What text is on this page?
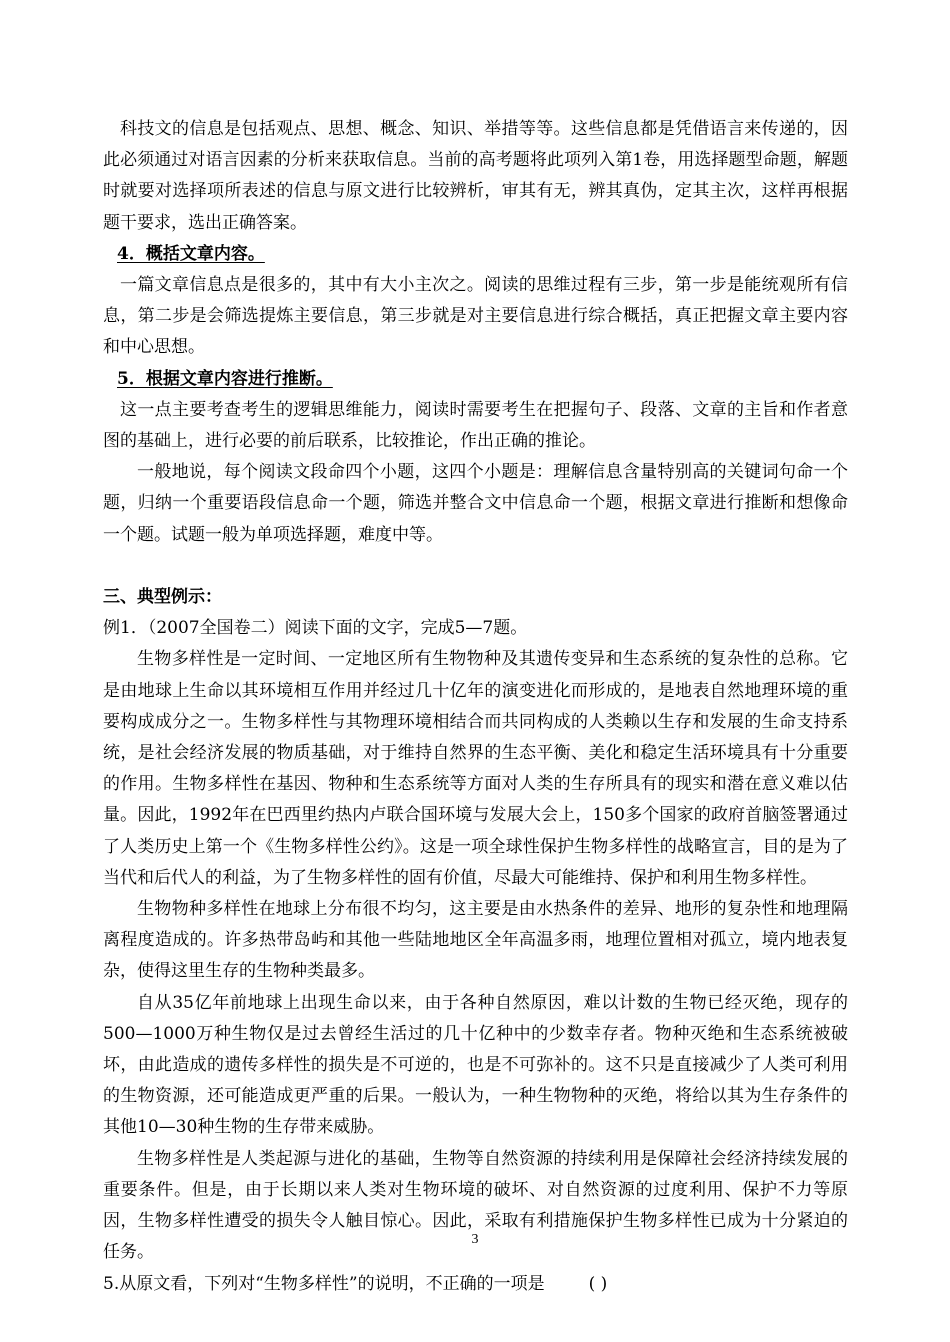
科技文的信息是包括观点、思想、概念、知识、举措等等。这些信息都是凭借语言来传递的，因此必须通过对语言因素的分析来获取信息。当前的高考题将此项列入第1卷，用选择题型命题，解题时就要对选择项所表述的信息与原文进行比较辨析，审其有无，辨其真伪，定其主次，这样再根据题干要求，选出正确答案。

4．概括文章内容。

一篇文章信息点是很多的，其中有大小主次之。阅读的思维过程有三步，第一步是能统观所有信息，第二步是会筛选提炼主要信息，第三步就是对主要信息进行综合概括，真正把握文章主要内容和中心思想。

5．根据文章内容进行推断。

这一点主要考查考生的逻辑思维能力，阅读时需要考生在把握句子、段落、文章的主旨和作者意图的基础上，进行必要的前后联系，比较推论，作出正确的推论。

一般地说，每个阅读文段命四个小题，这四个小题是：理解信息含量特别高的关键词句命一个题，归纳一个重要语段信息命一个题，筛选并整合文中信息命一个题，根据文章进行推断和想像命一个题。试题一般为单项选择题，难度中等。

三、典型例示：

例1．（2007全国卷二）阅读下面的文字，完成5—7题。

生物多样性是一定时间、一定地区所有生物物种及其遗传变异和生态系统的复杂性的总称。它是由地球上生命以其环境相互作用并经过几十亿年的演变进化而形成的，是地表自然地理环境的重要构成成分之一。生物多样性与其物理环境相结合而共同构成的人类赖以生存和发展的生命支持系统，是社会经济发展的物质基础，对于维持自然界的生态平衡、美化和稳定生活环境具有十分重要的作用。生物多样性在基因、物种和生态系统等方面对人类的生存所具有的现实和潜在意义难以估量。因此，1992年在巴西里约热内卢联合国环境与发展大会上，150多个国家的政府首脑签署通过了人类历史上第一个《生物多样性公约》。这是一项全球性保护生物多样性的战略宣言，目的是为了当代和后代人的利益，为了生物多样性的固有价值，尽最大可能维持、保护和利用生物多样性。

生物物种多样性在地球上分布很不均匀，这主要是由水热条件的差异、地形的复杂性和地理隔离程度造成的。许多热带岛屿和其他一些陆地地区全年高温多雨，地理位置相对孤立，境内地表复杂，使得这里生存的生物种类最多。

自从35亿年前地球上出现生命以来，由于各种自然原因，难以计数的生物已经灭绝，现存的500—1000万种生物仅是过去曾经生活过的几十亿种中的少数幸存者。物种灭绝和生态系统被破坏，由此造成的遗传多样性的损失是不可逆的，也是不可弥补的。这不只是直接减少了人类可利用的生物资源，还可能造成更严重的后果。一般认为，一种生物物种的灭绝，将给以其为生存条件的其他10—30种生物的生存带来威胁。

生物多样性是人类起源与进化的基础，生物等自然资源的持续利用是保障社会经济持续发展的重要条件。但是，由于长期以来人类对生物环境的破坏、对自然资源的过度利用、保护不力等原因，生物多样性遭受的损失令人触目惊心。因此，采取有利措施保护生物多样性已成为十分紧迫的任务。

5.从原文看，下列对“生物多样性”的说明，不正确的一项是	( )

3
